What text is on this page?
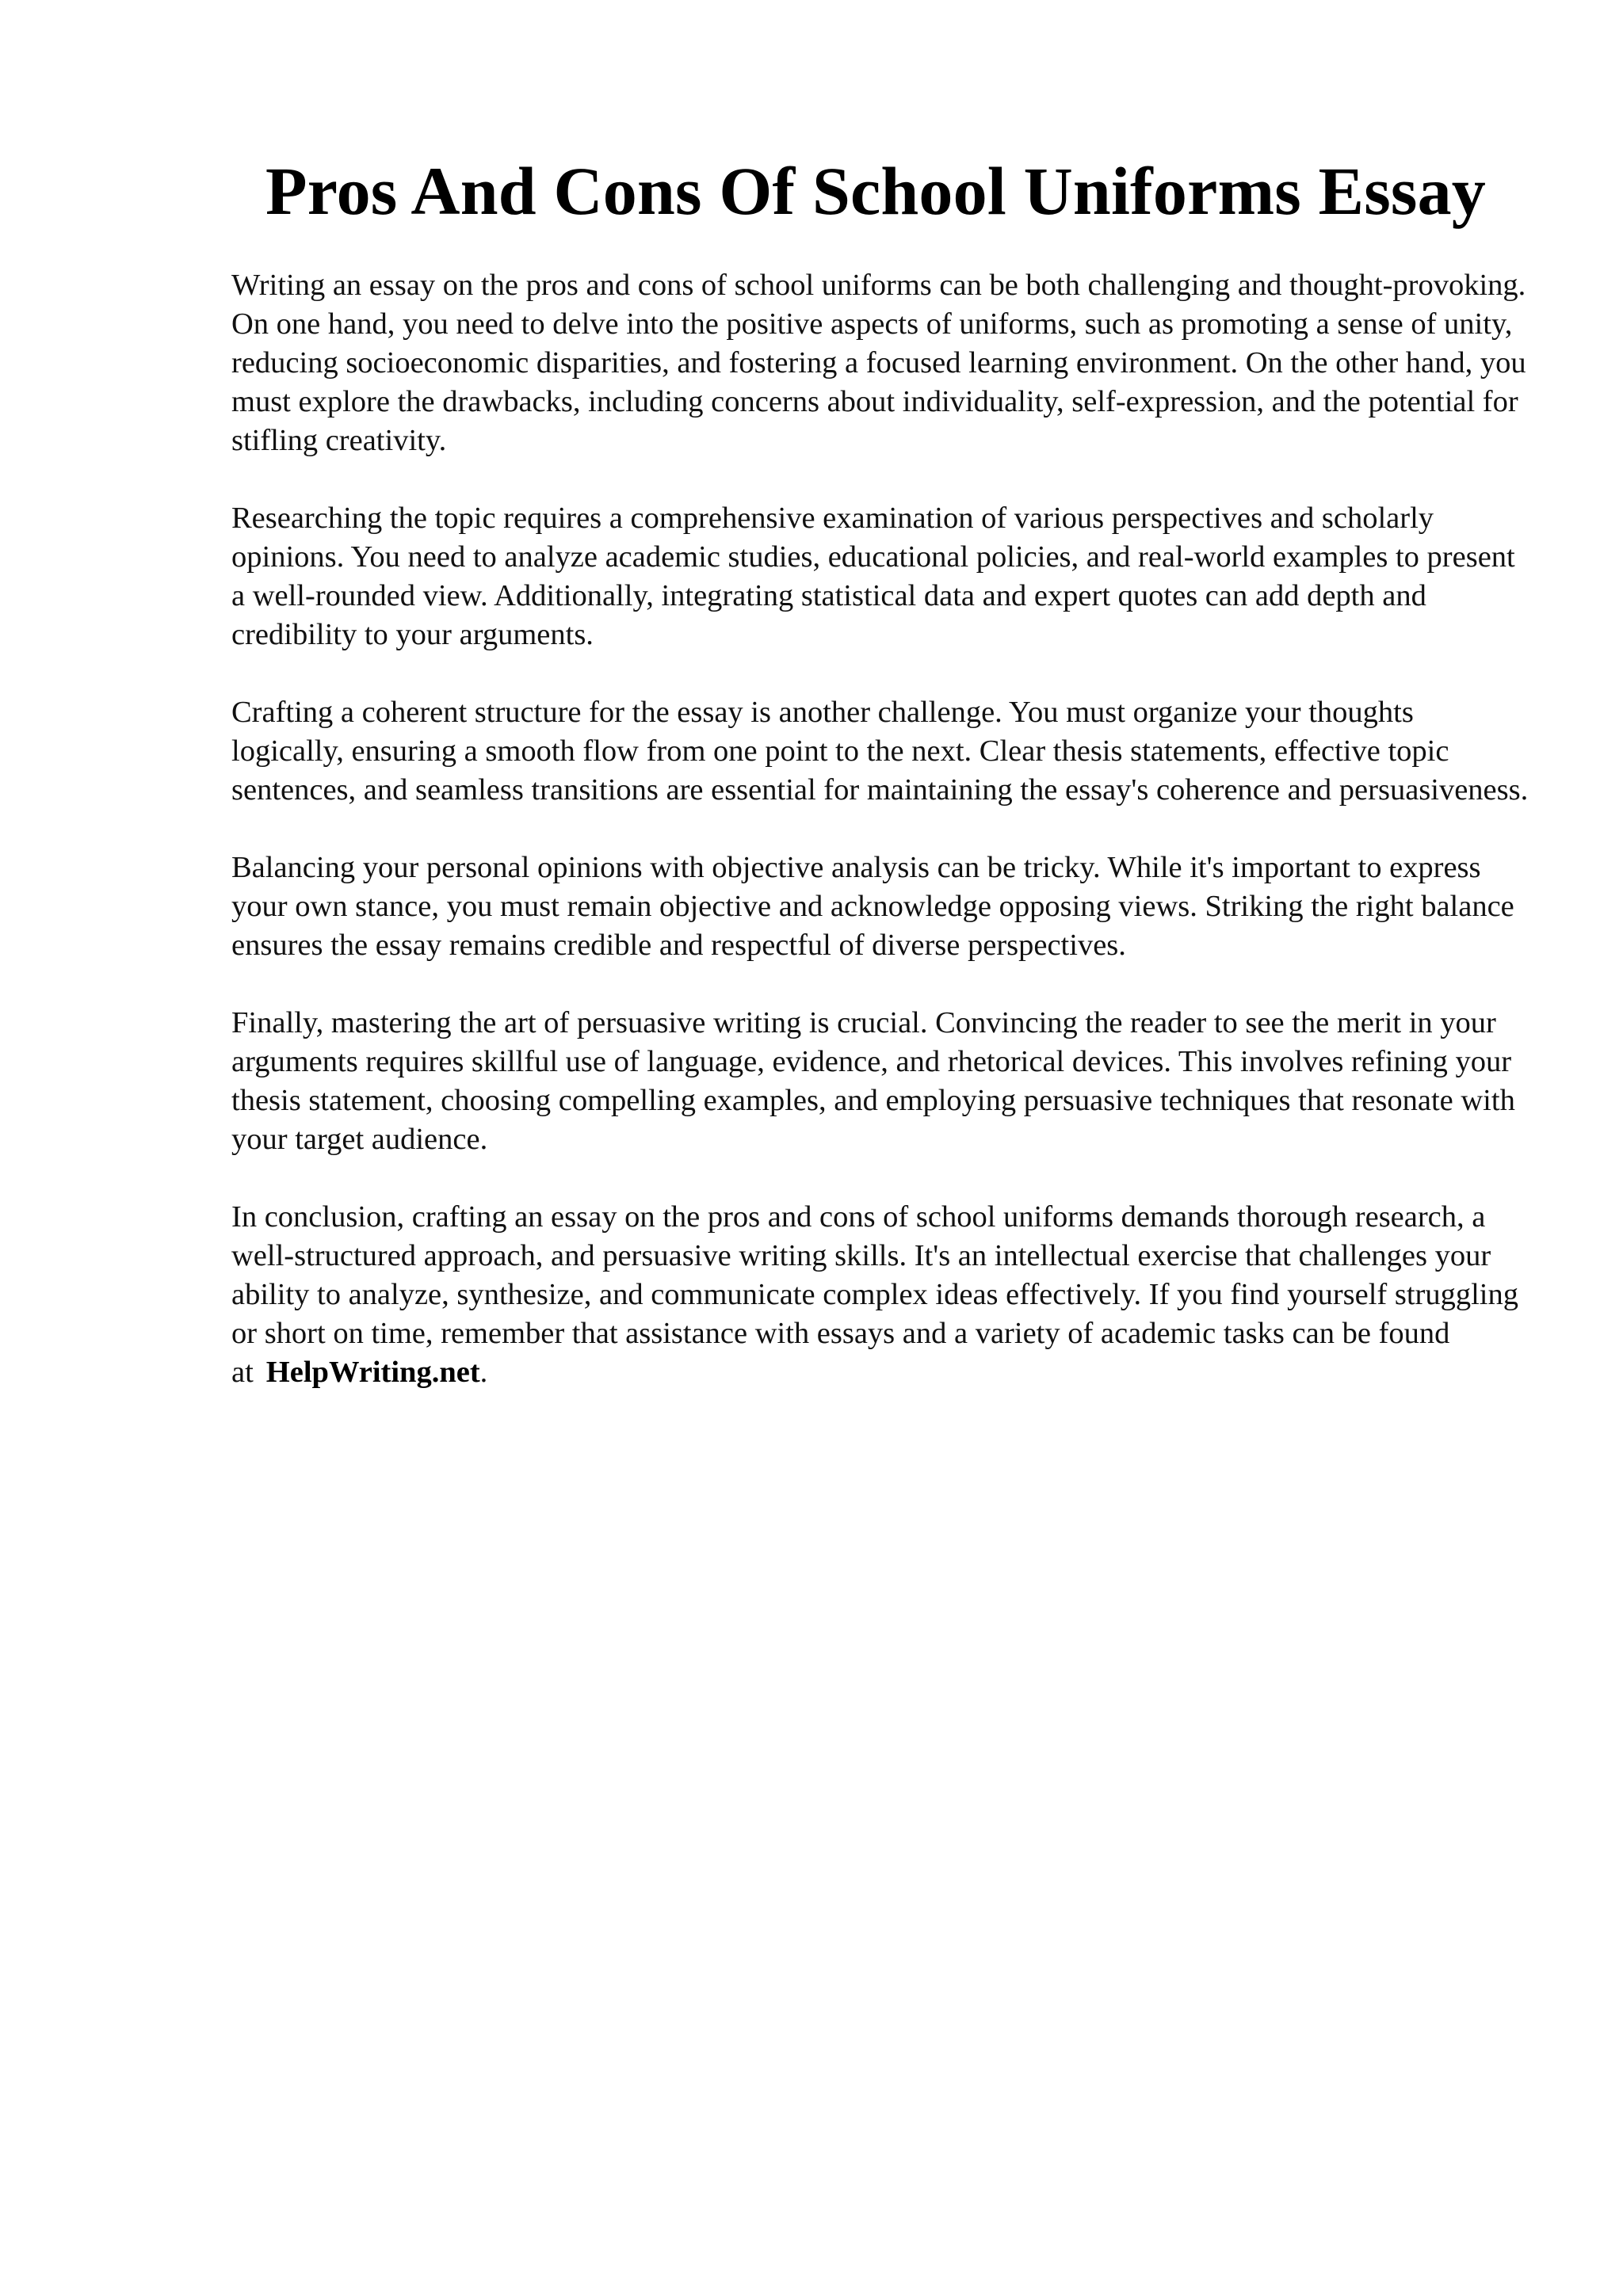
Pros And Cons Of School Uniforms Essay

Writing an essay on the pros and cons of school uniforms can be both challenging and thought-provoking. On one hand, you need to delve into the positive aspects of uniforms, such as promoting a sense of unity, reducing socioeconomic disparities, and fostering a focused learning environment. On the other hand, you must explore the drawbacks, including concerns about individuality, self-expression, and the potential for stifling creativity.

Researching the topic requires a comprehensive examination of various perspectives and scholarly opinions. You need to analyze academic studies, educational policies, and real-world examples to present a well-rounded view. Additionally, integrating statistical data and expert quotes can add depth and credibility to your arguments.

Crafting a coherent structure for the essay is another challenge. You must organize your thoughts logically, ensuring a smooth flow from one point to the next. Clear thesis statements, effective topic sentences, and seamless transitions are essential for maintaining the essay's coherence and persuasiveness.

Balancing your personal opinions with objective analysis can be tricky. While it's important to express your own stance, you must remain objective and acknowledge opposing views. Striking the right balance ensures the essay remains credible and respectful of diverse perspectives.

Finally, mastering the art of persuasive writing is crucial. Convincing the reader to see the merit in your arguments requires skillful use of language, evidence, and rhetorical devices. This involves refining your thesis statement, choosing compelling examples, and employing persuasive techniques that resonate with your target audience.

In conclusion, crafting an essay on the pros and cons of school uniforms demands thorough research, a well-structured approach, and persuasive writing skills. It's an intellectual exercise that challenges your ability to analyze, synthesize, and communicate complex ideas effectively. If you find yourself struggling or short on time, remember that assistance with essays and a variety of academic tasks can be found at HelpWriting.net.
